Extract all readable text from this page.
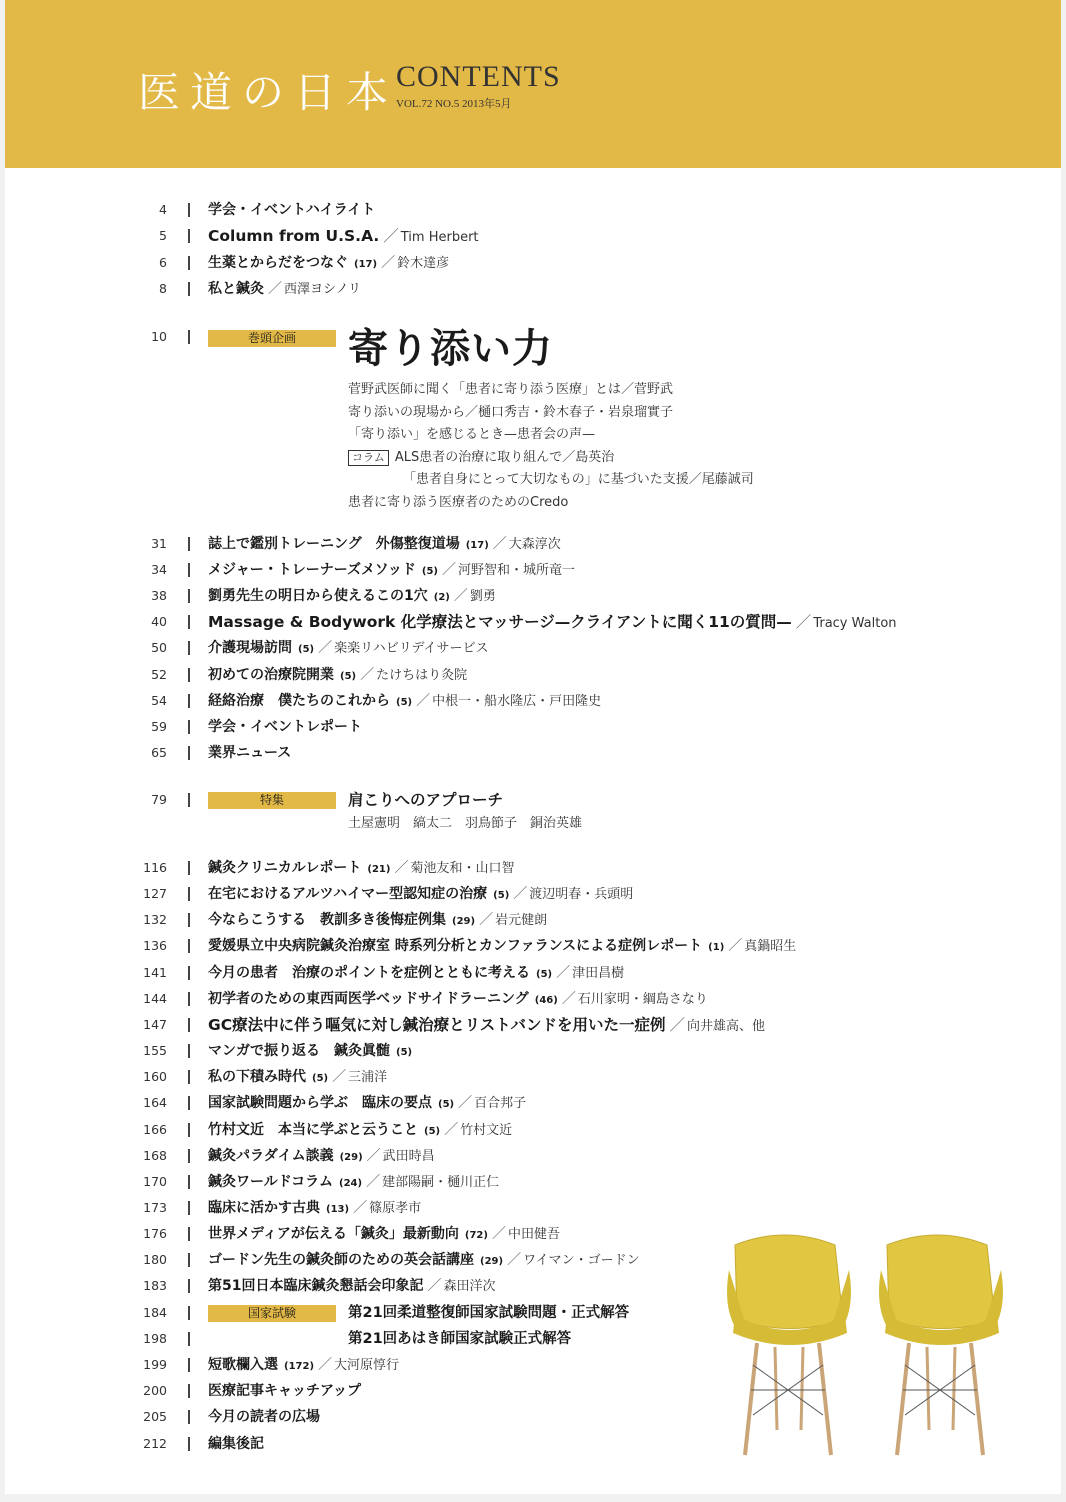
医道の日本
CONTENTS
VOL.72 NO.5 2013年5月
4	学会・イベントハイライト
5	Column from U.S.A. ／ Tim Herbert
6	生薬とからだをつなぐ (17) ／ 鈴木達彦
8	私と鍼灸 ／ 西澤ヨシノリ
10	巻頭企画	寄り添い力
菅野武医師に聞く「患者に寄り添う医療」とは／菅野武
寄り添いの現場から／樋口秀吉・鈴木春子・岩泉瑠實子
「寄り添い」を感じるとき—患者会の声—
コラム ALS患者の治療に取り組んで／島英治
「患者自身にとって大切なもの」に基づいた支援／尾藤誠司
患者に寄り添う医療者のためのCredo
31	誌上で鑑別トレーニング　外傷整復道場 (17) ／ 大森淳次
34	メジャー・トレーナーズメソッド (5) ／ 河野智和・城所竜一
38	劉勇先生の明日から使えるこの1穴 (2) ／ 劉勇
40	Massage & Bodywork 化学療法とマッサージ—クライアントに聞く11の質問— ／ Tracy Walton
50	介護現場訪問 (5) ／ 楽楽リハビリデイサービス
52	初めての治療院開業 (5) ／ たけちはり灸院
54	経絡治療　僕たちのこれから (5) ／ 中根一・船水隆広・戸田隆史
59	学会・イベントレポート
65	業界ニュース
79	特集	肩こりへのアプローチ
土屋憲明　縞太二　羽鳥節子　銅治英雄
116	鍼灸クリニカルレポート (21) ／ 菊池友和・山口智
127	在宅におけるアルツハイマー型認知症の治療 (5) ／ 渡辺明春・兵頭明
132	今ならこうする　教訓多き後悔症例集 (29) ／ 岩元健朗
136	愛媛県立中央病院鍼灸治療室 時系列分析とカンファランスによる症例レポート (1) ／ 真鍋昭生
141	今月の患者　治療のポイントを症例とともに考える (5) ／ 津田昌樹
144	初学者のための東西両医学ベッドサイドラーニング (46) ／ 石川家明・綱島さなり
147	GC療法中に伴う嘔気に対し鍼治療とリストバンドを用いた一症例 ／ 向井雄高、他
155	マンガで振り返る　鍼灸眞髄 (5)
160	私の下積み時代 (5) ／ 三浦洋
164	国家試験問題から学ぶ　臨床の要点 (5) ／ 百合邦子
166	竹村文近　本当に学ぶと云うこと (5) ／ 竹村文近
168	鍼灸パラダイム談義 (29) ／ 武田時昌
170	鍼灸ワールドコラム (24) ／ 建部陽嗣・樋川正仁
173	臨床に活かす古典 (13) ／ 篠原孝市
176	世界メディアが伝える「鍼灸」最新動向 (72) ／ 中田健吾
180	ゴードン先生の鍼灸師のための英会話講座 (29) ／ ワイマン・ゴードン
183	第51回日本臨床鍼灸懇話会印象記 ／ 森田洋次
184	国家試験	第21回柔道整復師国家試験問題・正式解答
198	第21回あはき師国家試験正式解答
199	短歌欄入選 (172) ／ 大河原惇行
200	医療記事キャッチアップ
205	今月の読者の広場
212	編集後記
